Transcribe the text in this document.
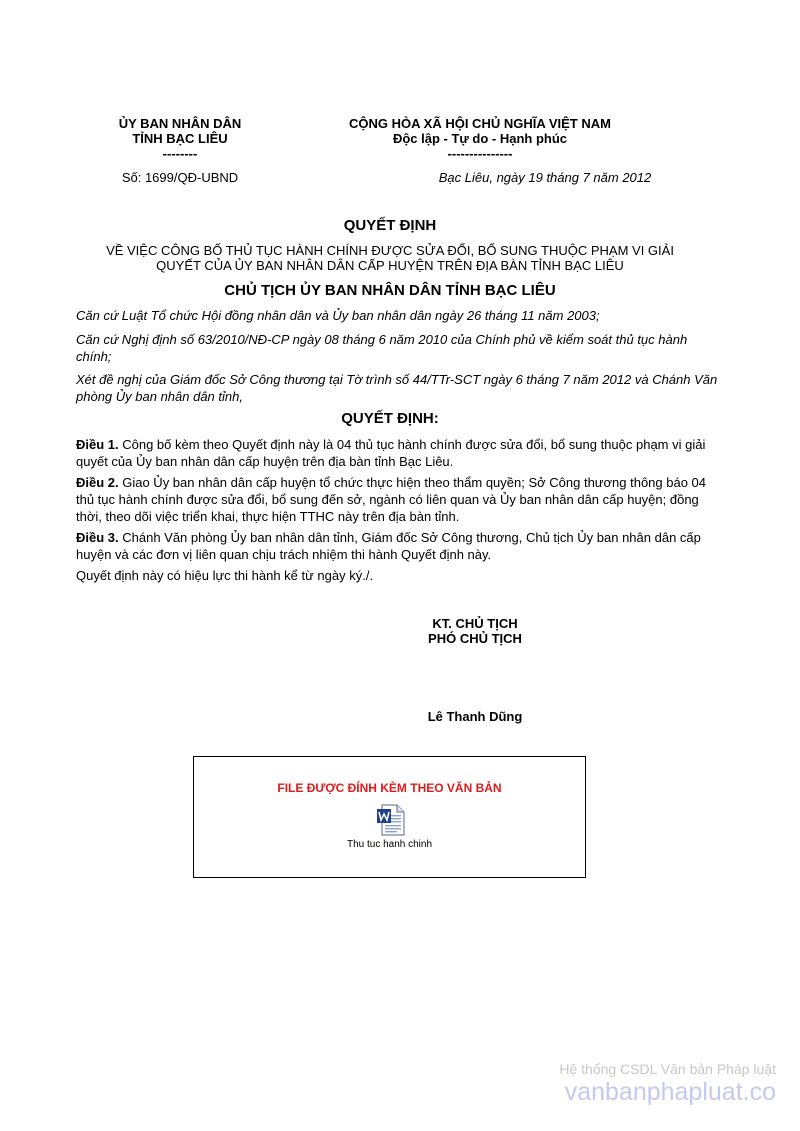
ỦY BAN NHÂN DÂN
TỈNH BẠC LIÊU
--------
Số: 1699/QĐ-UBND
CỘNG HÒA XÃ HỘI CHỦ NGHĨA VIỆT NAM
Độc lập - Tự do - Hạnh phúc
---------------
Bạc Liêu, ngày 19 tháng 7 năm 2012
QUYẾT ĐỊNH
VỀ VIỆC CÔNG BỐ THỦ TỤC HÀNH CHÍNH ĐƯỢC SỬA ĐỔI, BỔ SUNG THUỘC PHẠM VI GIẢI
QUYẾT CỦA ỦY BAN NHÂN DÂN CẤP HUYỆN TRÊN ĐỊA BÀN TỈNH BẠC LIÊU
CHỦ TỊCH ỦY BAN NHÂN DÂN TỈNH BẠC LIÊU
Căn cứ Luật Tổ chức Hội đồng nhân dân và Ủy ban nhân dân ngày 26 tháng 11 năm 2003;
Căn cứ Nghị định số 63/2010/NĐ-CP ngày 08 tháng 6 năm 2010 của Chính phủ về kiểm soát thủ tục hành chính;
Xét đề nghị của Giám đốc Sở Công thương tại Tờ trình số 44/TTr-SCT ngày 6 tháng 7 năm 2012 và Chánh Văn phòng Ủy ban nhân dân tỉnh,
QUYẾT ĐỊNH:
Điều 1. Công bố kèm theo Quyết định này là 04 thủ tục hành chính được sửa đổi, bổ sung thuộc phạm vi giải quyết của Ủy ban nhân dân cấp huyện trên địa bàn tỉnh Bạc Liêu.
Điều 2. Giao Ủy ban nhân dân cấp huyện tổ chức thực hiện theo thẩm quyền; Sở Công thương thông báo 04 thủ tục hành chính được sửa đổi, bổ sung đến sở, ngành có liên quan và Ủy ban nhân dân cấp huyện; đồng thời, theo dõi việc triển khai, thực hiện TTHC này trên địa bàn tỉnh.
Điều 3. Chánh Văn phòng Ủy ban nhân dân tỉnh, Giám đốc Sở Công thương, Chủ tịch Ủy ban nhân dân cấp huyện và các đơn vị liên quan chịu trách nhiệm thi hành Quyết định này.
Quyết định này có hiệu lực thi hành kể từ ngày ký./.
KT. CHỦ TỊCH
PHÓ CHỦ TỊCH
Lê Thanh Dũng
FILE ĐƯỢC ĐÍNH KÈM THEO VĂN BẢN
Thu tuc hanh chinh
Hệ thống CSDL Văn bản Pháp luật
vanbanphapluat.co
